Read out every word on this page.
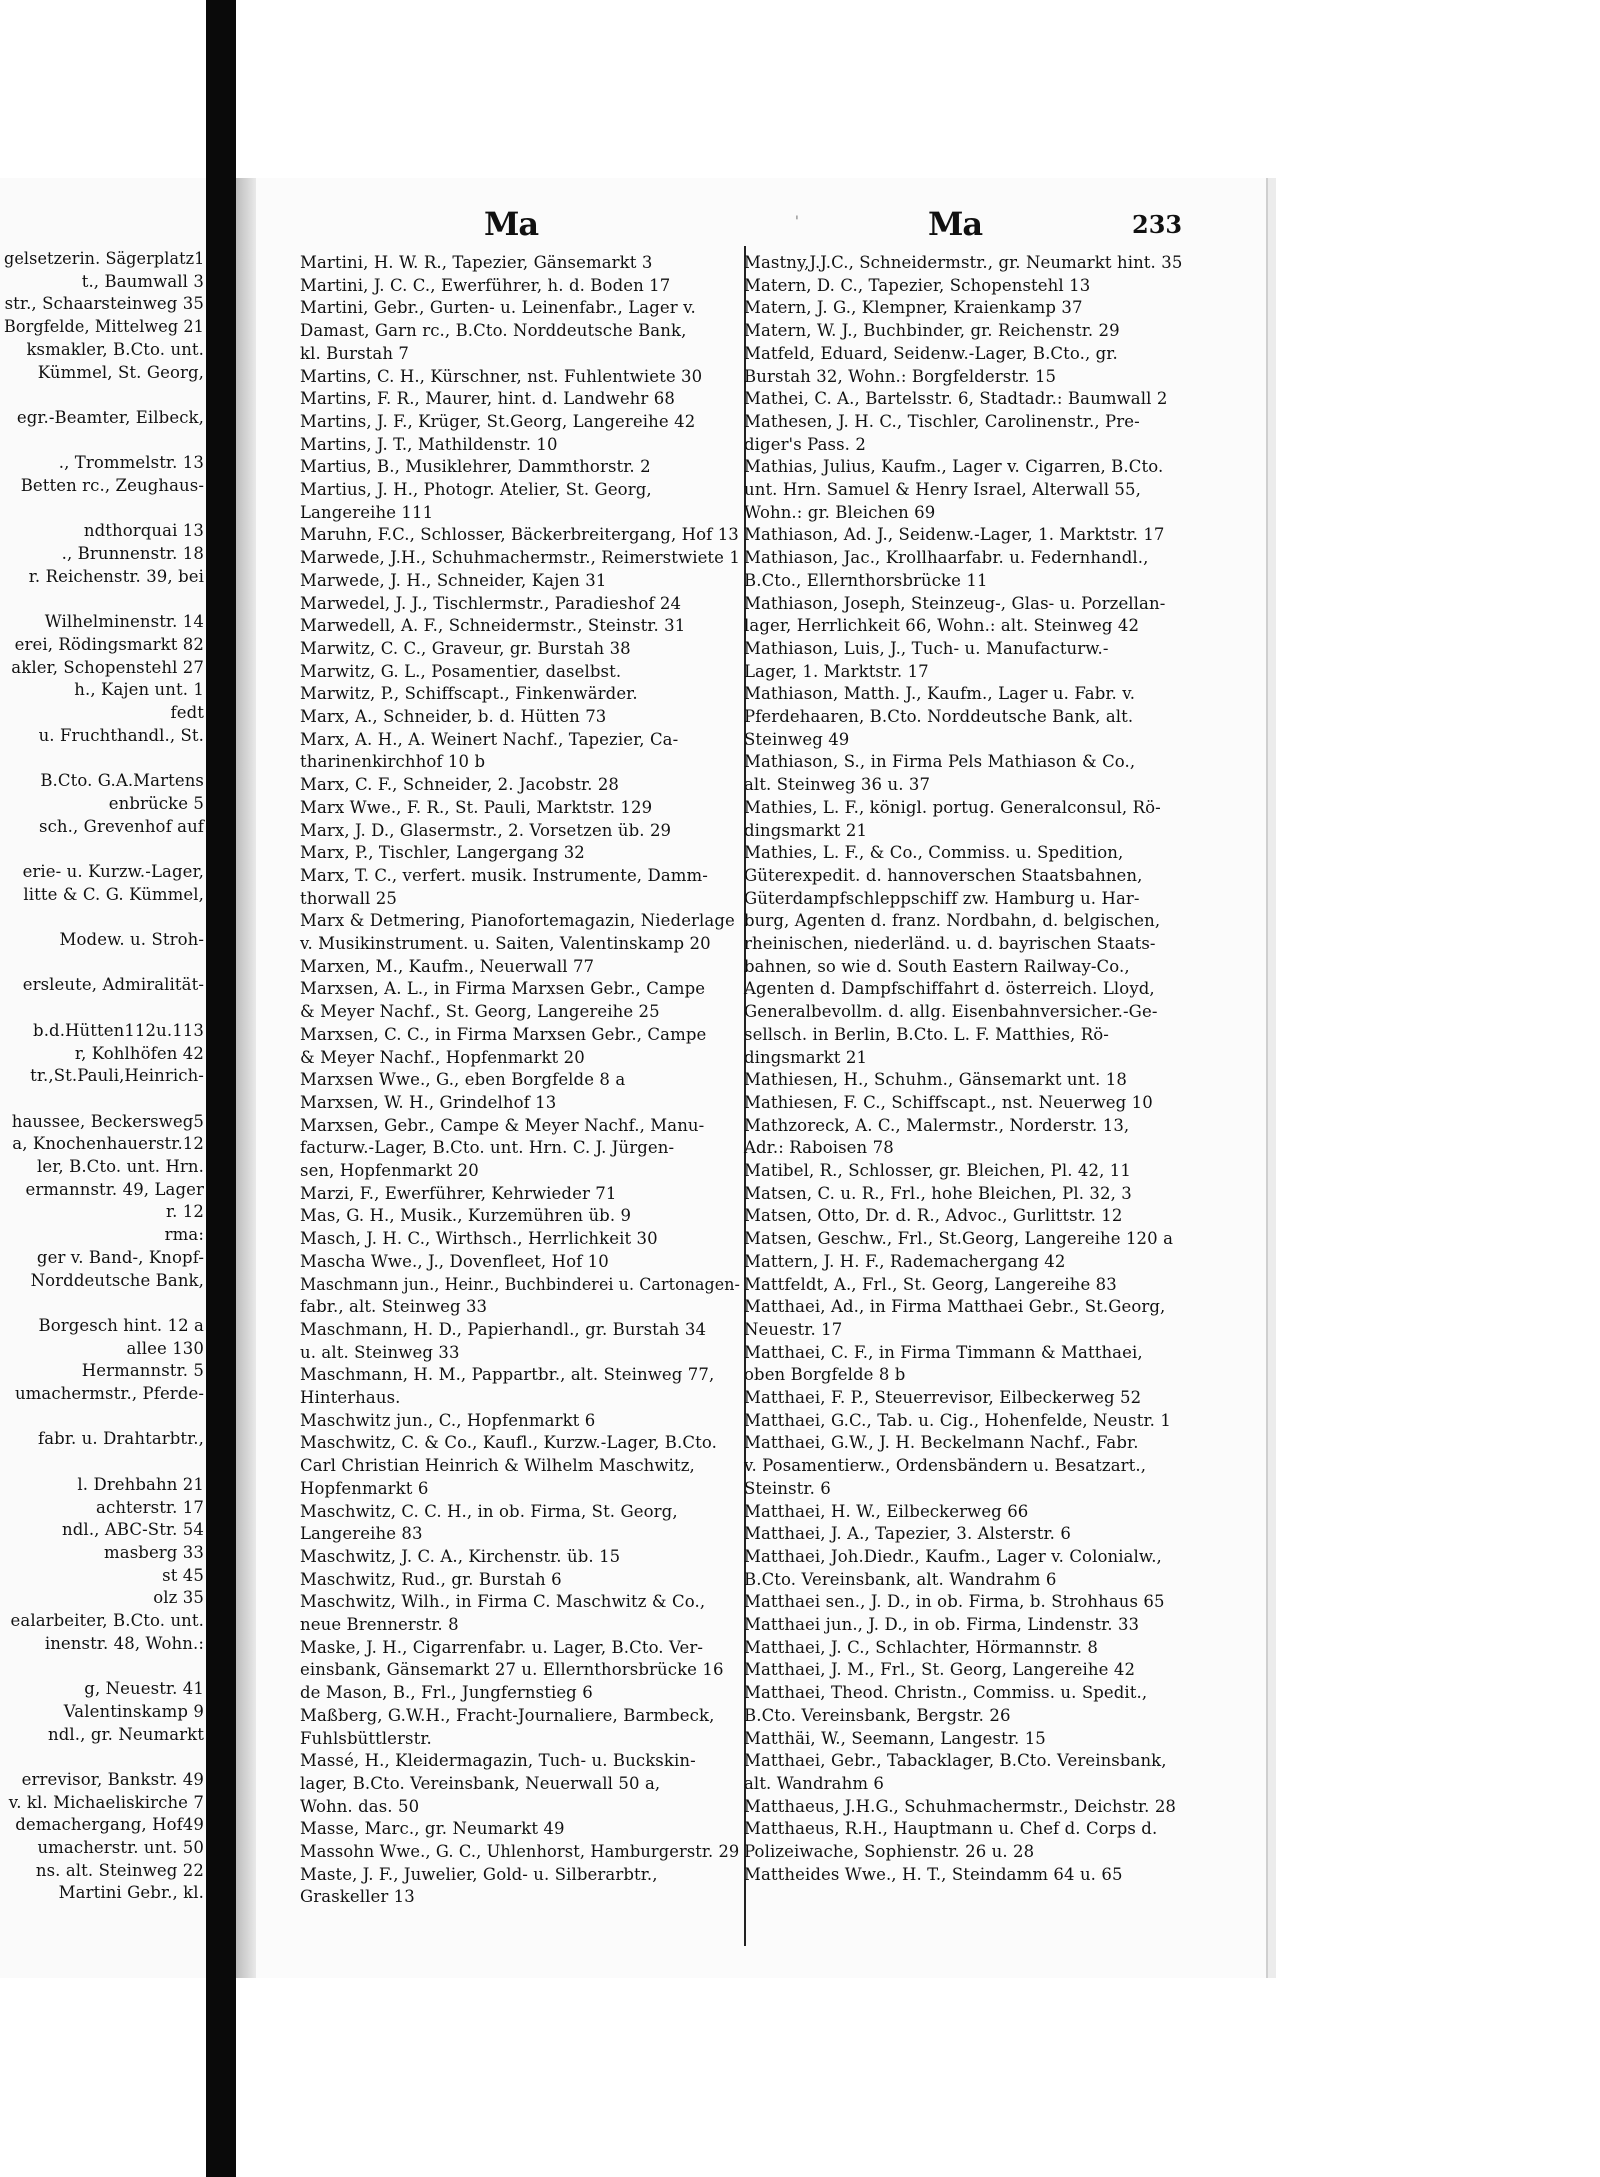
Ma	'	Ma	233
gelsetzerin. Sägerplatz1
t., Baumwall 3
str., Schaarsteinweg 35
Borgfelde, Mittelweg 21
ksmakler, B.Cto. unt.
Kümmel, St. Georg,
egr.-Beamter, Eilbeck,
., Trommelstr. 13
Betten rc., Zeughaus-
ndthorquai 13
., Brunnenstr. 18
r. Reichenstr. 39, bei
Wilhelminenstr. 14
erei, Rödingsmarkt 82
akler, Schopenstehl 27
h., Kajen unt. 1
fedt
u. Fruchthandl., St.
B.Cto. G.A.Martens
enbrücke 5
sch., Grevenhof auf
erie- u. Kurzw.-Lager,
litte & C. G. Kümmel,
Modew. u. Stroh-
ersleute, Admiralität-
b.d.Hütten112u.113
r, Kohlhöfen 42
tr.,St.Pauli,Heinrich-
haussee, Beckersweg5
a, Knochenhauerstr.12
ler, B.Cto. unt. Hrn.
ermannstr. 49, Lager
r. 12
rma:
ger v. Band-, Knopf-
Norddeutsche Bank,
Borgesch hint. 12 a
allee 130
Hermannstr. 5
umachermstr., Pferde-
fabr. u. Drahtarbtr.,
l. Drehbahn 21
achterstr. 17
ndl., ABC-Str. 54
masberg 33
st 45
olz 35
ealarbeiter, B.Cto. unt.
inenstr. 48, Wohn.:
g, Neuestr. 41
Valentinskamp 9
ndl., gr. Neumarkt
errevisor, Bankstr. 49
v. kl. Michaeliskirche 7
demachergang, Hof49
umacherstr. unt. 50
ns. alt. Steinweg 22
Martini Gebr., kl.
Martini, H. W. R., Tapezier, Gänsemarkt 3
Martini, J. C. C., Ewerführer, h. d. Boden 17
Martini, Gebr., Gurten- u. Leinenfabr., Lager v.
Damast, Garn rc., B.Cto. Norddeutsche Bank,
kl. Burstah 7
Martins, C. H., Kürschner, nst. Fuhlentwiete 30
Martins, F. R., Maurer, hint. d. Landwehr 68
Martins, J. F., Krüger, St.Georg, Langereihe 42
Martins, J. T., Mathildenstr. 10
Martius, B., Musiklehrer, Dammthorstr. 2
Martius, J. H., Photogr. Atelier, St. Georg,
Langereihe 111
Maruhn, F.C., Schlosser, Bäckerbreitergang, Hof 13
Marwede, J.H., Schuhmachermstr., Reimerstwiete 1
Marwede, J. H., Schneider, Kajen 31
Marwedel, J. J., Tischlermstr., Paradieshof 24
Marwedell, A. F., Schneidermstr., Steinstr. 31
Marwitz, C. C., Graveur, gr. Burstah 38
Marwitz, G. L., Posamentier, daselbst.
Marwitz, P., Schiffscapt., Finkenwärder.
Marx, A., Schneider, b. d. Hütten 73
Marx, A. H., A. Weinert Nachf., Tapezier, Ca-
tharinenkirchhof 10 b
Marx, C. F., Schneider, 2. Jacobstr. 28
Marx Wwe., F. R., St. Pauli, Marktstr. 129
Marx, J. D., Glasermstr., 2. Vorsetzen üb. 29
Marx, P., Tischler, Langergang 32
Marx, T. C., verfert. musik. Instrumente, Damm-
thorwall 25
Marx & Detmering, Pianofortemagazin, Niederlage
v. Musikinstrument. u. Saiten, Valentinskamp 20
Marxen, M., Kaufm., Neuerwall 77
Marxsen, A. L., in Firma Marxsen Gebr., Campe
& Meyer Nachf., St. Georg, Langereihe 25
Marxsen, C. C., in Firma Marxsen Gebr., Campe
& Meyer Nachf., Hopfenmarkt 20
Marxsen Wwe., G., eben Borgfelde 8 a
Marxsen, W. H., Grindelhof 13
Marxsen, Gebr., Campe & Meyer Nachf., Manu-
facturw.-Lager, B.Cto. unt. Hrn. C. J. Jürgen-
sen, Hopfenmarkt 20
Marzi, F., Ewerführer, Kehrwieder 71
Mas, G. H., Musik., Kurzemühren üb. 9
Masch, J. H. C., Wirthsch., Herrlichkeit 30
Mascha Wwe., J., Dovenfleet, Hof 10
Maschmann jun., Heinr., Buchbinderei u. Cartonagen-
fabr., alt. Steinweg 33
Maschmann, H. D., Papierhandl., gr. Burstah 34
u. alt. Steinweg 33
Maschmann, H. M., Pappartbr., alt. Steinweg 77,
Hinterhaus.
Maschwitz jun., C., Hopfenmarkt 6
Maschwitz, C. & Co., Kaufl., Kurzw.-Lager, B.Cto.
Carl Christian Heinrich & Wilhelm Maschwitz,
Hopfenmarkt 6
Maschwitz, C. C. H., in ob. Firma, St. Georg,
Langereihe 83
Maschwitz, J. C. A., Kirchenstr. üb. 15
Maschwitz, Rud., gr. Burstah 6
Maschwitz, Wilh., in Firma C. Maschwitz & Co.,
neue Brennerstr. 8
Maske, J. H., Cigarrenfabr. u. Lager, B.Cto. Ver-
einsbank, Gänsemarkt 27 u. Ellernthorsbrücke 16
de Mason, B., Frl., Jungfernstieg 6
Maßberg, G.W.H., Fracht-Journaliere, Barmbeck,
Fuhlsbüttlerstr.
Massé, H., Kleidermagazin, Tuch- u. Buckskin-
lager, B.Cto. Vereinsbank, Neuerwall 50 a,
Wohn. das. 50
Masse, Marc., gr. Neumarkt 49
Massohn Wwe., G. C., Uhlenhorst, Hamburgerstr. 29
Maste, J. F., Juwelier, Gold- u. Silberarbtr.,
Graskeller 13
Mastny,J.J.C., Schneidermstr., gr. Neumarkt hint. 35
Matern, D. C., Tapezier, Schopenstehl 13
Matern, J. G., Klempner, Kraienkamp 37
Matern, W. J., Buchbinder, gr. Reichenstr. 29
Matfeld, Eduard, Seidenw.-Lager, B.Cto., gr.
Burstah 32, Wohn.: Borgfelderstr. 15
Mathei, C. A., Bartelsstr. 6, Stadtadr.: Baumwall 2
Mathesen, J. H. C., Tischler, Carolinenstr., Pre-
diger's Pass. 2
Mathias, Julius, Kaufm., Lager v. Cigarren, B.Cto.
unt. Hrn. Samuel & Henry Israel, Alterwall 55,
Wohn.: gr. Bleichen 69
Mathiason, Ad. J., Seidenw.-Lager, 1. Marktstr. 17
Mathiason, Jac., Krollhaarfabr. u. Federnhandl.,
B.Cto., Ellernthorsbrücke 11
Mathiason, Joseph, Steinzeug-, Glas- u. Porzellan-
lager, Herrlichkeit 66, Wohn.: alt. Steinweg 42
Mathiason, Luis, J., Tuch- u. Manufacturw.-
Lager, 1. Marktstr. 17
Mathiason, Matth. J., Kaufm., Lager u. Fabr. v.
Pferdehaaren, B.Cto. Norddeutsche Bank, alt.
Steinweg 49
Mathiason, S., in Firma Pels Mathiason & Co.,
alt. Steinweg 36 u. 37
Mathies, L. F., königl. portug. Generalconsul, Rö-
dingsmarkt 21
Mathies, L. F., & Co., Commiss. u. Spedition,
Güterexpedit. d. hannoverschen Staatsbahnen,
Güterdampfschleppschiff zw. Hamburg u. Har-
burg, Agenten d. franz. Nordbahn, d. belgischen,
rheinischen, niederländ. u. d. bayrischen Staats-
bahnen, so wie d. South Eastern Railway-Co.,
Agenten d. Dampfschiffahrt d. österreich. Lloyd,
Generalbevollm. d. allg. Eisenbahnversicher.-Ge-
sellsch. in Berlin, B.Cto. L. F. Matthies, Rö-
dingsmarkt 21
Mathiesen, H., Schuhm., Gänsemarkt unt. 18
Mathiesen, F. C., Schiffscapt., nst. Neuerweg 10
Mathzoreck, A. C., Malermstr., Norderstr. 13,
Adr.: Raboisen 78
Matibel, R., Schlosser, gr. Bleichen, Pl. 42, 11
Matsen, C. u. R., Frl., hohe Bleichen, Pl. 32, 3
Matsen, Otto, Dr. d. R., Advoc., Gurlittstr. 12
Matsen, Geschw., Frl., St.Georg, Langereihe 120 a
Mattern, J. H. F., Rademachergang 42
Mattfeldt, A., Frl., St. Georg, Langereihe 83
Matthaei, Ad., in Firma Matthaei Gebr., St.Georg,
Neuestr. 17
Matthaei, C. F., in Firma Timmann & Matthaei,
oben Borgfelde 8 b
Matthaei, F. P., Steuerrevisor, Eilbeckerweg 52
Matthaei, G.C., Tab. u. Cig., Hohenfelde, Neustr. 1
Matthaei, G.W., J. H. Beckelmann Nachf., Fabr.
v. Posamentierw., Ordensbändern u. Besatzart.,
Steinstr. 6
Matthaei, H. W., Eilbeckerweg 66
Matthaei, J. A., Tapezier, 3. Alsterstr. 6
Matthaei, Joh.Diedr., Kaufm., Lager v. Colonialw.,
B.Cto. Vereinsbank, alt. Wandrahm 6
Matthaei sen., J. D., in ob. Firma, b. Strohhaus 65
Matthaei jun., J. D., in ob. Firma, Lindenstr. 33
Matthaei, J. C., Schlachter, Hörmannstr. 8
Matthaei, J. M., Frl., St. Georg, Langereihe 42
Matthaei, Theod. Christn., Commiss. u. Spedit.,
B.Cto. Vereinsbank, Bergstr. 26
Matthäi, W., Seemann, Langestr. 15
Matthaei, Gebr., Tabacklager, B.Cto. Vereinsbank,
alt. Wandrahm 6
Matthaeus, J.H.G., Schuhmachermstr., Deichstr. 28
Matthaeus, R.H., Hauptmann u. Chef d. Corps d.
Polizeiwache, Sophienstr. 26 u. 28
Mattheides Wwe., H. T., Steindamm 64 u. 65
